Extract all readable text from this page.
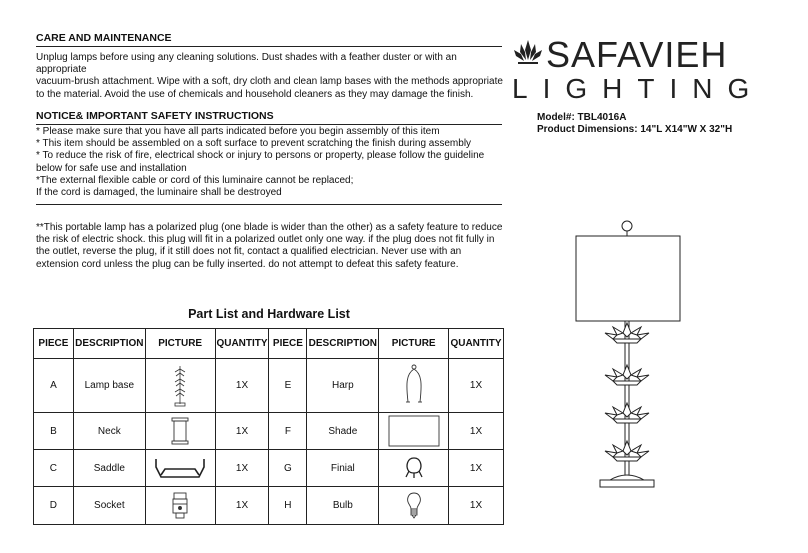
CARE AND MAINTENANCE
Unplug lamps before using any cleaning solutions. Dust shades with a feather duster or with an
appropriate
vacuum-brush attachment. Wipe with a soft, dry cloth and clean lamp bases with the methods appropriate
to the material. Avoid the use of chemicals and household cleaners as they may damage the finish.
NOTICE& IMPORTANT SAFETY INSTRUCTIONS
* Please make sure that you have all parts indicated before you begin assembly of this item
* This item should be assembled on a soft surface to prevent scratching the finish during assembly
* To reduce the risk of fire, electrical shock or injury to persons or property, please follow the guideline
below for safe use and installation
*The external flexible cable or cord of this luminaire cannot be replaced;
If the cord is damaged, the luminaire shall be destroyed
**This portable lamp has a polarized plug (one blade is wider than the other) as a safety feature to reduce
the risk of electric shock. this plug will fit in a polarized outlet only one way. if the plug does not fit fully in
the outlet, reverse the plug, if it still does not fit, contact a qualified electrician. Never use with an
extension cord unless the plug can be fully inserted. do not attempt to defeat this safety feature.
SAFAVIEH
LIGHTING
Model#: TBL4016A
Product Dimensions: 14"L X14"W X 32"H
Part List and Hardware List
PIECE	DESCRIPTION	PICTURE	QUANTITY	PIECE	DESCRIPTION	PICTURE	QUANTITY
A	Lamp base		1X	E	Harp		1X
B	Neck		1X	F	Shade		1X
C	Saddle		1X	G	Finial		1X
D	Socket		1X	H	Bulb		1X
